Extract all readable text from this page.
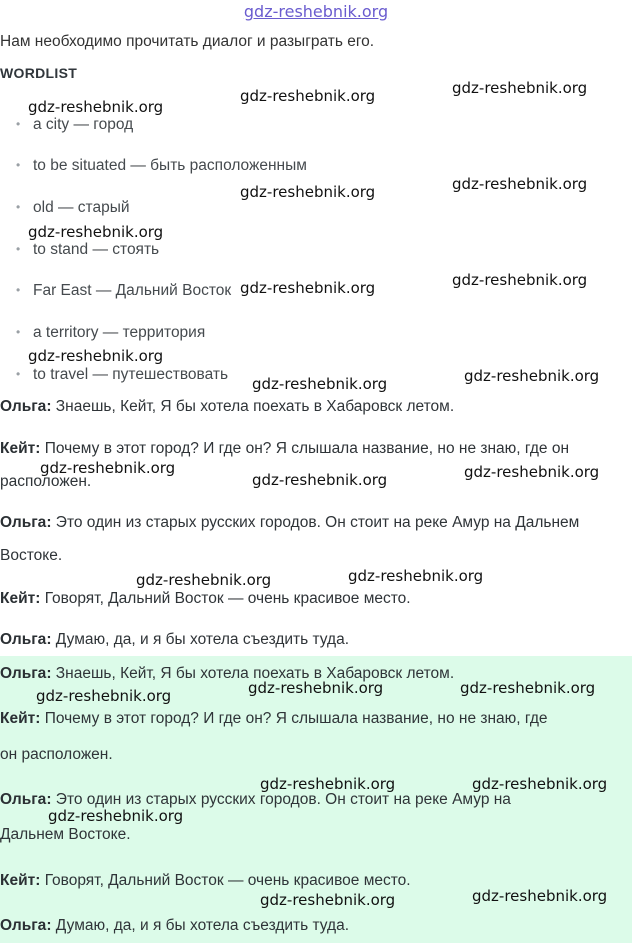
gdz-reshebnik.org
Нам необходимо прочитать диалог и разыграть его.
WORDLIST
• a city — город
• to be situated — быть расположенным
• old — старый
• to stand — стоять
• Far East — Дальний Восток
• a territory — территория
• to travel — путешествовать
Ольга: Знаешь, Кейт, Я бы хотела поехать в Хабаровск летом.
Кейт: Почему в этот город? И где он? Я слышала название, но не знаю, где он
расположен.
Ольга: Это один из старых русских городов. Он стоит на реке Амур на Дальнем
Востоке.
Кейт: Говорят, Дальний Восток — очень красивое место.
Ольга: Думаю, да, и я бы хотела съездить туда.
Ольга: Знаешь, Кейт, Я бы хотела поехать в Хабаровск летом.
Кейт: Почему в этот город? И где он? Я слышала название, но не знаю, где
он расположен.
Ольга: Это один из старых русских городов. Он стоит на реке Амур на
Дальнем Востоке.
Кейт: Говорят, Дальний Восток — очень красивое место.
Ольга: Думаю, да, и я бы хотела съездить туда.
gdz-reshebnik.org
gdz-reshebnik.org	gdz-reshebnik.org
gdz-reshebnik.org	gdz-reshebnik.org
gdz-reshebnik.org
gdz-reshebnik.org	gdz-reshebnik.org
gdz-reshebnik.org
gdz-reshebnik.org	gdz-reshebnik.org
gdz-reshebnik.org
gdz-reshebnik.org	gdz-reshebnik.org
gdz-reshebnik.org	gdz-reshebnik.org
gdz-reshebnik.org	gdz-reshebnik.org	gdz-reshebnik.org
gdz-reshebnik.org	gdz-reshebnik.org
gdz-reshebnik.org
gdz-reshebnik.org	gdz-reshebnik.org
